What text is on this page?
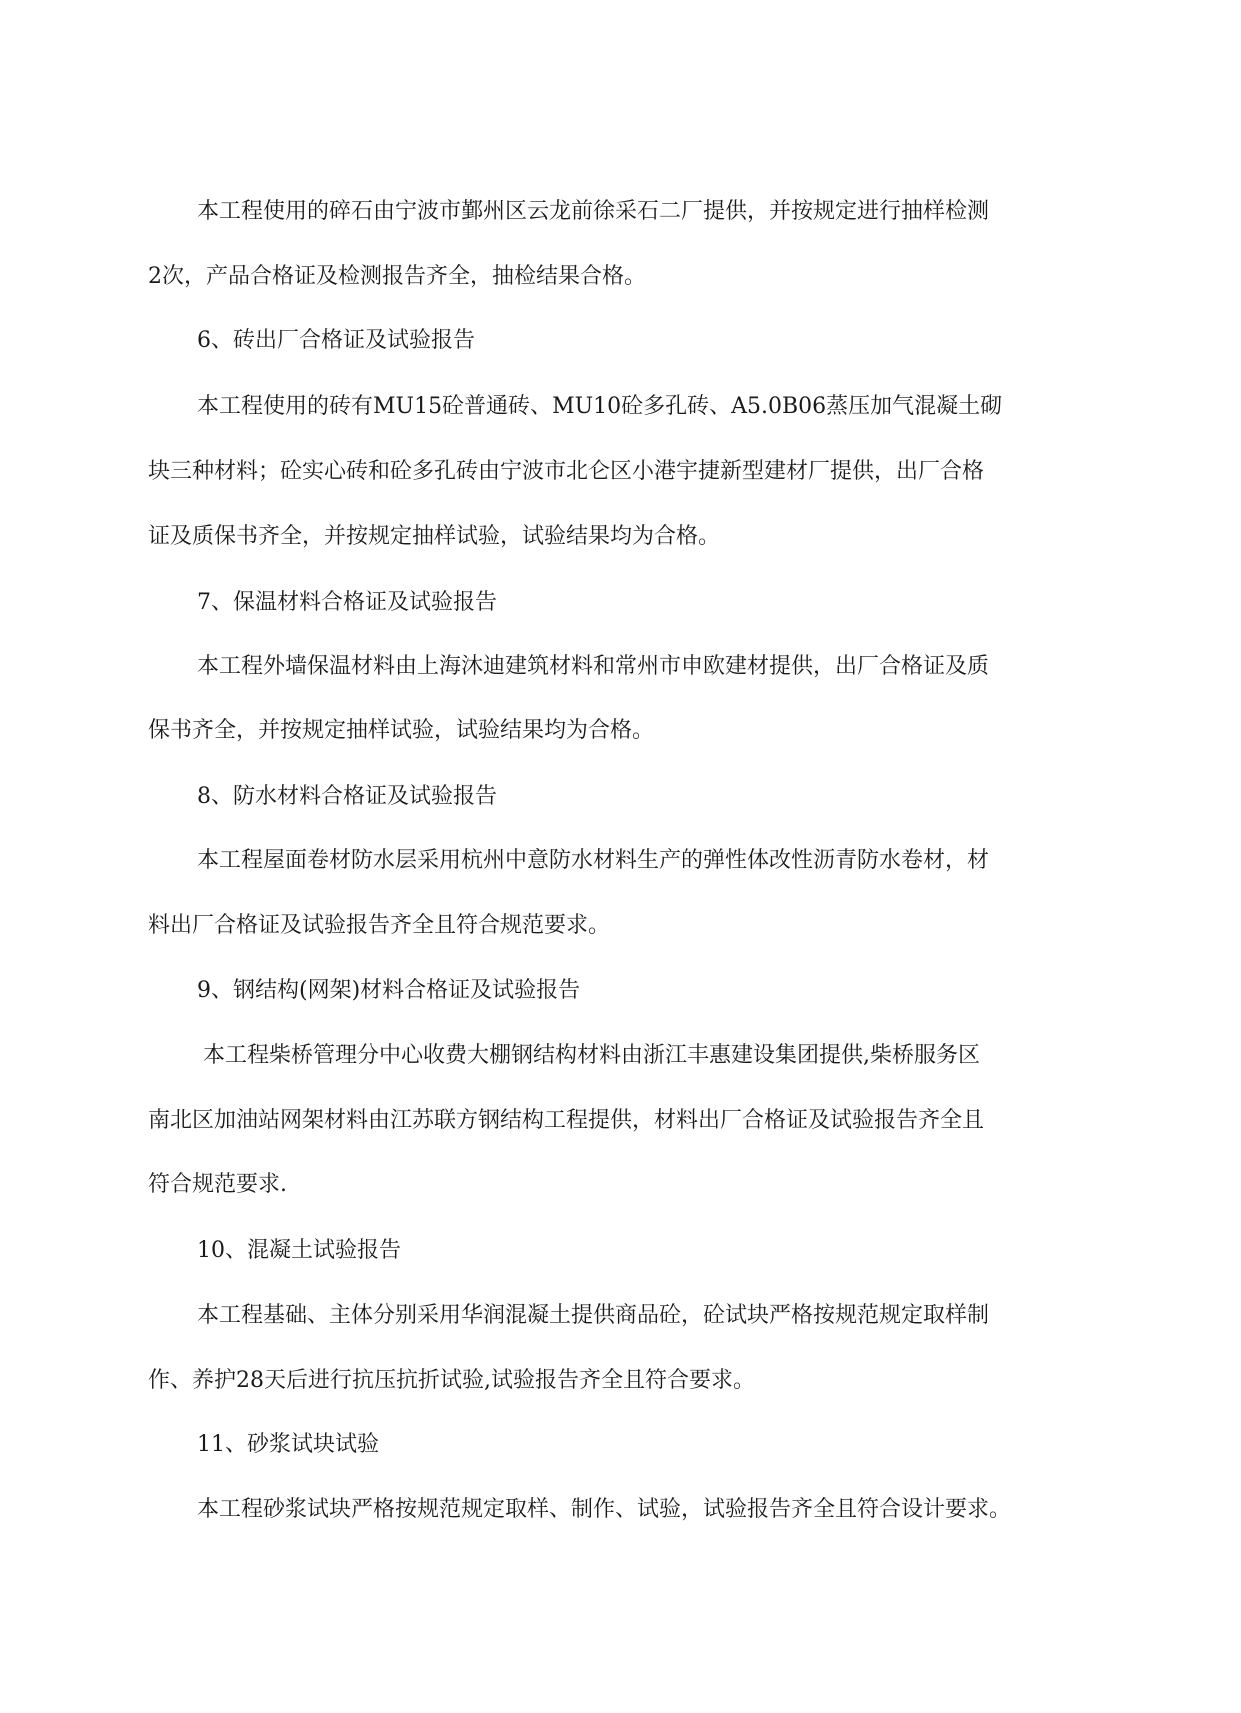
本工程使用的碎石由宁波市鄞州区云龙前徐采石二厂提供，并按规定进行抽样检测
2次，产品合格证及检测报告齐全，抽检结果合格。
6、砖出厂合格证及试验报告
本工程使用的砖有MU15砼普通砖、MU10砼多孔砖、A5.0B06蒸压加气混凝土砌
块三种材料；砼实心砖和砼多孔砖由宁波市北仑区小港宇捷新型建材厂提供，出厂合格
证及质保书齐全，并按规定抽样试验，试验结果均为合格。
7、保温材料合格证及试验报告
本工程外墙保温材料由上海沐迪建筑材料和常州市申欧建材提供，出厂合格证及质
保书齐全，并按规定抽样试验，试验结果均为合格。
8、防水材料合格证及试验报告
本工程屋面卷材防水层采用杭州中意防水材料生产的弹性体改性沥青防水卷材，材
料出厂合格证及试验报告齐全且符合规范要求。
9、钢结构(网架)材料合格证及试验报告
本工程柴桥管理分中心收费大棚钢结构材料由浙江丰惠建设集团提供,柴桥服务区
南北区加油站网架材料由江苏联方钢结构工程提供，材料出厂合格证及试验报告齐全且
符合规范要求.
10、混凝土试验报告
本工程基础、主体分别采用华润混凝土提供商品砼，砼试块严格按规范规定取样制
作、养护28天后进行抗压抗折试验,试验报告齐全且符合要求。
11、砂浆试块试验
本工程砂浆试块严格按规范规定取样、制作、试验，试验报告齐全且符合设计要求。
